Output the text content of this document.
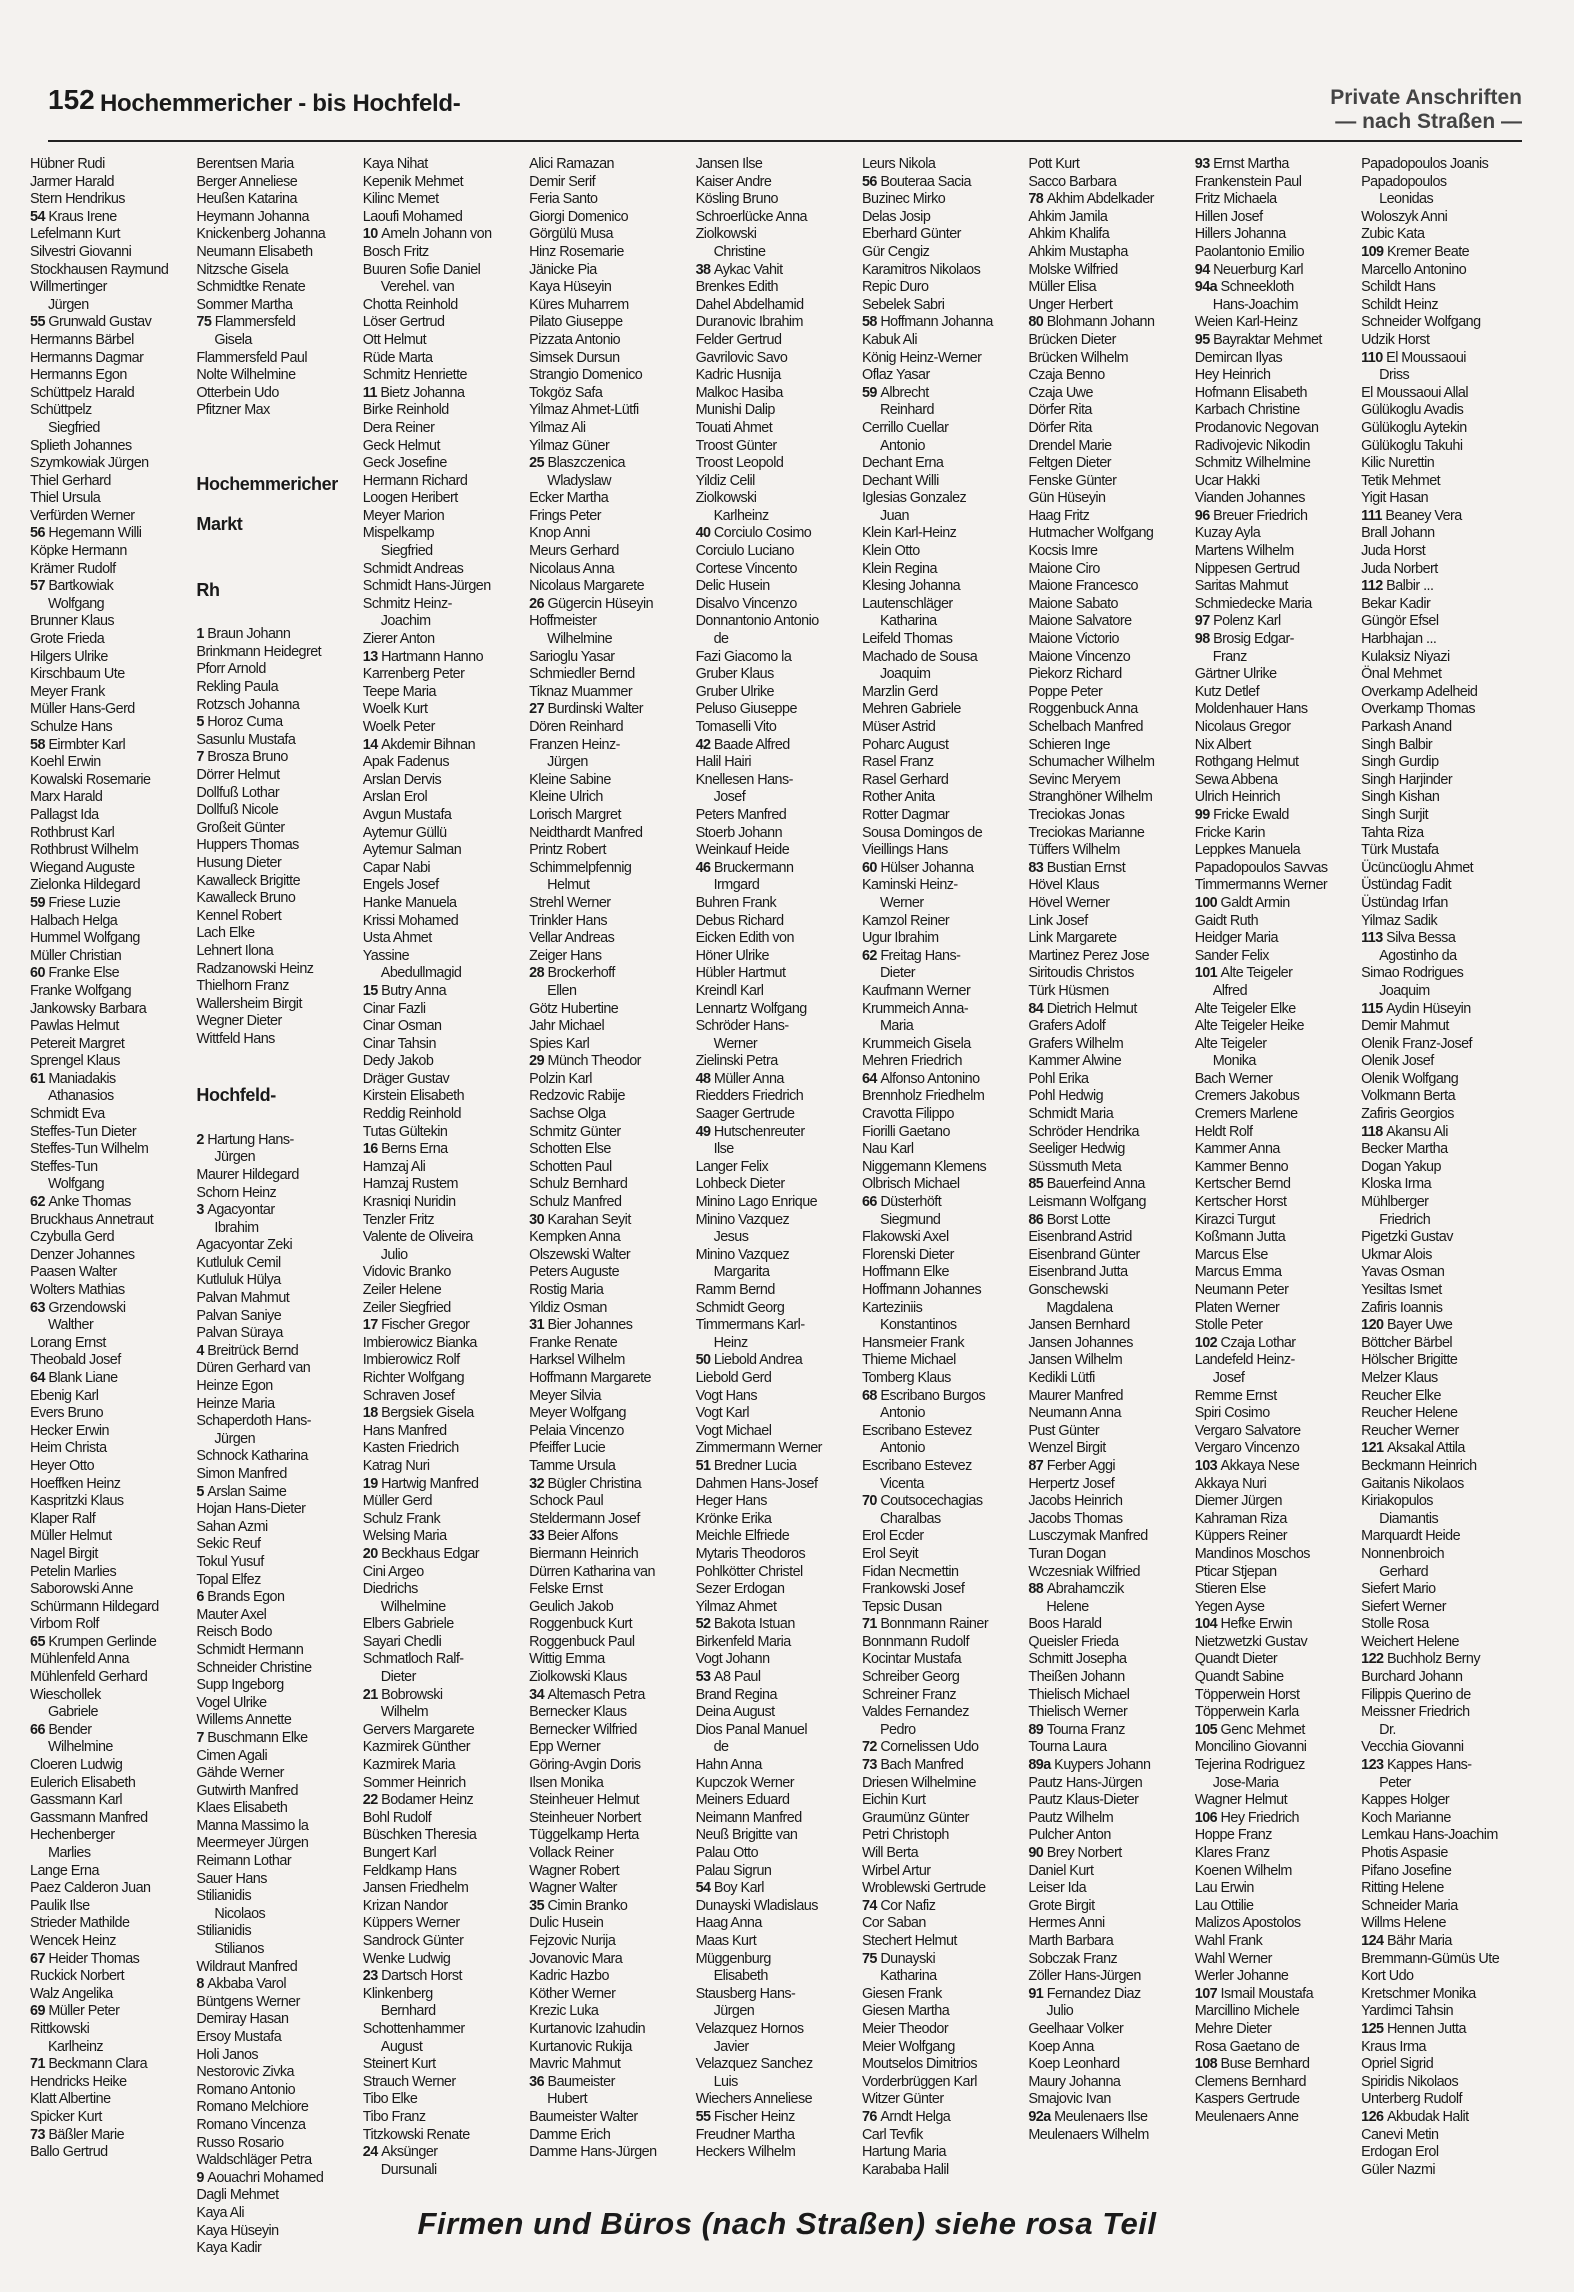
152 Hochemmericher - bis Hochfeld-	Private Anschriften
— nach Straßen —
Hübner Rudi
Jarmer Harald
Stern Hendrikus
54 Kraus Irene
Lefelmann Kurt
Silvestri Giovanni
Stockhausen Raymund
Willmertinger
Jürgen
55 Grunwald Gustav
Hermanns Bärbel
Hermanns Dagmar
Hermanns Egon
Schüttpelz Harald
Schüttpelz
Siegfried
Splieth Johannes
Szymkowiak Jürgen
Thiel Gerhard
Thiel Ursula
Verfürden Werner
56 Hegemann Willi
Köpke Hermann
Krämer Rudolf
57 Bartkowiak
Wolfgang
Brunner Klaus
Grote Frieda
Hilgers Ulrike
Kirschbaum Ute
Meyer Frank
Müller Hans-Gerd
Schulze Hans
58 Eirmbter Karl
Koehl Erwin
Kowalski Rosemarie
Marx Harald
Pallagst Ida
Rothbrust Karl
Rothbrust Wilhelm
Wiegand Auguste
Zielonka Hildegard
59 Friese Luzie
Halbach Helga
Hummel Wolfgang
Müller Christian
60 Franke Else
Franke Wolfgang
Jankowsky Barbara
Pawlas Helmut
Petereit Margret
Sprengel Klaus
61 Maniadakis
Athanasios
Schmidt Eva
Steffes-Tun Dieter
Steffes-Tun Wilhelm
Steffes-Tun
Wolfgang
62 Anke Thomas
Bruckhaus Annetraut
Czybulla Gerd
Denzer Johannes
Paasen Walter
Wolters Mathias
63 Grzendowski
Walther
Lorang Ernst
Theobald Josef
64 Blank Liane
Ebenig Karl
Evers Bruno
Hecker Erwin
Heim Christa
Heyer Otto
Hoeffken Heinz
Kaspritzki Klaus
Klaper Ralf
Müller Helmut
Nagel Birgit
Petelin Marlies
Saborowski Anne
Schürmann Hildegard
Virbom Rolf
65 Krumpen Gerlinde
Mühlenfeld Anna
Mühlenfeld Gerhard
Wieschollek
Gabriele
66 Bender
Wilhelmine
Cloeren Ludwig
Eulerich Elisabeth
Gassmann Karl
Gassmann Manfred
Hechenberger
Marlies
Lange Erna
Paez Calderon Juan
Paulik Ilse
Strieder Mathilde
Wencek Heinz
67 Heider Thomas
Ruckick Norbert
Walz Angelika
69 Müller Peter
Rittkowski
Karlheinz
71 Beckmann Clara
Hendricks Heike
Klatt Albertine
Spicker Kurt
73 Bäßler Marie
Ballo Gertrud
Berentsen Maria
Berger Anneliese
Heußen Katarina
Heymann Johanna
Knickenberg Johanna
Neumann Elisabeth
Nitzsche Gisela
Schmidtke Renate
Sommer Martha
75 Flammersfeld
Gisela
Flammersfeld Paul
Nolte Wilhelmine
Otterbein Udo
Pfitzner Max

Hochemmericher
Markt

Rh

1 Braun Johann
Brinkmann Heidegret
Pforr Arnold
Rekling Paula
Rotzsch Johanna
5 Horoz Cuma
Sasunlu Mustafa
7 Brosza Bruno
Dörrer Helmut
Dollfuß Lothar
Dollfuß Nicole
Großeit Günter
Huppers Thomas
Husung Dieter
Kawalleck Brigitte
Kawalleck Bruno
Kennel Robert
Lach Elke
Lehnert Ilona
Radzanowski Heinz
Thielhorn Franz
Wallersheim Birgit
Wegner Dieter
Wittfeld Hans

Hochfeld-

2 Hartung Hans-
Jürgen
Maurer Hildegard
Schorn Heinz
3 Agacyontar
Ibrahim
Agacyontar Zeki
Kutluluk Cemil
Kutluluk Hülya
Palvan Mahmut
Palvan Saniye
Palvan Süraya
4 Breitrück Bernd
Düren Gerhard van
Heinze Egon
Heinze Maria
Schaperdoth Hans-
Jürgen
Schnock Katharina
Simon Manfred
5 Arslan Saime
Hojan Hans-Dieter
Sahan Azmi
Sekic Reuf
Tokul Yusuf
Topal Elfez
6 Brands Egon
Mauter Axel
Reisch Bodo
Schmidt Hermann
Schneider Christine
Supp Ingeborg
Vogel Ulrike
Willems Annette
7 Buschmann Elke
Cimen Agali
Gähde Werner
Gutwirth Manfred
Klaes Elisabeth
Manna Massimo la
Meermeyer Jürgen
Reimann Lothar
Sauer Hans
Stilianidis
Nicolaos
Stilianidis
Stilianos
Wildraut Manfred
8 Akbaba Varol
Büntgens Werner
Demiray Hasan
Ersoy Mustafa
Holi Janos
Nestorovic Zivka
Romano Antonio
Romano Melchiore
Romano Vincenza
Russo Rosario
Waldschläger Petra
9 Aouachri Mohamed
Dagli Mehmet
Kaya Ali
Kaya Hüseyin
Kaya Kadir
Kaya Nihat
Kepenik Mehmet
Kilinc Memet
Laoufi Mohamed
10 Ameln Johann von
Bosch Fritz
Buuren Sofie Daniel
Verehel. van
Chotta Reinhold
Löser Gertrud
Ott Helmut
Rüde Marta
Schmitz Henriette
11 Bietz Johanna
Birke Reinhold
Dera Reiner
Geck Helmut
Geck Josefine
Hermann Richard
Loogen Heribert
Meyer Marion
Mispelkamp
Siegfried
Schmidt Andreas
Schmidt Hans-Jürgen
Schmitz Heinz-
Joachim
Zierer Anton
13 Hartmann Hanno
Karrenberg Peter
Teepe Maria
Woelk Kurt
Woelk Peter
14 Akdemir Bihnan
Apak Fadenus
Arslan Dervis
Arslan Erol
Avgun Mustafa
Aytemur Güllü
Aytemur Salman
Capar Nabi
Engels Josef
Hanke Manuela
Krissi Mohamed
Usta Ahmet
Yassine
Abedullmagid
15 Butry Anna
Cinar Fazli
Cinar Osman
Cinar Tahsin
Dedy Jakob
Dräger Gustav
Kirstein Elisabeth
Reddig Reinhold
Tutas Gültekin
16 Berns Erna
Hamzaj Ali
Hamzaj Rustem
Krasniqi Nuridin
Tenzler Fritz
Valente de Oliveira
Julio
Vidovic Branko
Zeiler Helene
Zeiler Siegfried
17 Fischer Gregor
Imbierowicz Bianka
Imbierowicz Rolf
Richter Wolfgang
Schraven Josef
18 Bergsiek Gisela
Hans Manfred
Kasten Friedrich
Katrag Nuri
19 Hartwig Manfred
Müller Gerd
Schulz Frank
Welsing Maria
20 Beckhaus Edgar
Cini Argeo
Diedrichs
Wilhelmine
Elbers Gabriele
Sayari Chedli
Schmatloch Ralf-
Dieter
21 Bobrowski
Wilhelm
Gervers Margarete
Kazmirek Günther
Kazmirek Maria
Sommer Heinrich
22 Bodamer Heinz
Bohl Rudolf
Büschken Theresia
Bungert Karl
Feldkamp Hans
Jansen Friedhelm
Krizan Nandor
Küppers Werner
Sandrock Günter
Wenke Ludwig
23 Dartsch Horst
Klinkenberg
Bernhard
Schottenhammer
August
Steinert Kurt
Strauch Werner
Tibo Elke
Tibo Franz
Titzkowski Renate
24 Aksünger
Dursunali
Alici Ramazan
Demir Serif
Feria Santo
Giorgi Domenico
Görgülü Musa
Hinz Rosemarie
Jänicke Pia
Kaya Hüseyin
Küres Muharrem
Pilato Giuseppe
Pizzata Antonio
Simsek Dursun
Strangio Domenico
Tokgöz Safa
Yilmaz Ahmet-Lütfi
Yilmaz Ali
Yilmaz Güner
25 Blaszczenica
Wladyslaw
Ecker Martha
Frings Peter
Knop Anni
Meurs Gerhard
Nicolaus Anna
Nicolaus Margarete
26 Gügercin Hüseyin
Hoffmeister
Wilhelmine
Sarioglu Yasar
Schmiedler Bernd
Tiknaz Muammer
27 Burdinski Walter
Dören Reinhard
Franzen Heinz-
Jürgen
Kleine Sabine
Kleine Ulrich
Lorisch Margret
Neidthardt Manfred
Printz Robert
Schimmelpfennig
Helmut
Strehl Werner
Trinkler Hans
Vellar Andreas
Zeiger Hans
28 Brockerhoff
Ellen
Götz Hubertine
Jahr Michael
Spies Karl
29 Münch Theodor
Polzin Karl
Redzovic Rabije
Sachse Olga
Schmitz Günter
Schotten Else
Schotten Paul
Schulz Bernhard
Schulz Manfred
30 Karahan Seyit
Kempken Anna
Olszewski Walter
Peters Auguste
Rostig Maria
Yildiz Osman
31 Bier Johannes
Franke Renate
Harksel Wilhelm
Hoffmann Margarete
Meyer Silvia
Meyer Wolfgang
Pelaia Vincenzo
Pfeiffer Lucie
Tamme Ursula
32 Bügler Christina
Schock Paul
Steldermann Josef
33 Beier Alfons
Biermann Heinrich
Dürren Katharina van
Felske Ernst
Geulich Jakob
Roggenbuck Kurt
Roggenbuck Paul
Wittig Emma
Ziolkowski Klaus
34 Altemasch Petra
Bernecker Klaus
Bernecker Wilfried
Epp Werner
Göring-Avgin Doris
Ilsen Monika
Steinheuer Helmut
Steinheuer Norbert
Tüggelkamp Herta
Vollack Reiner
Wagner Robert
Wagner Walter
35 Cimin Branko
Dulic Husein
Fejzovic Nurija
Jovanovic Mara
Kadric Hazbo
Köther Werner
Krezic Luka
Kurtanovic Izahudin
Kurtanovic Rukija
Mavric Mahmut
36 Baumeister
Hubert
Baumeister Walter
Damme Erich
Damme Hans-Jürgen
Jansen Ilse
Kaiser Andre
Kösling Bruno
Schroerlücke Anna
Ziolkowski
Christine
38 Aykac Vahit
Brenkes Edith
Dahel Abdelhamid
Duranovic Ibrahim
Felder Gertrud
Gavrilovic Savo
Kadric Husnija
Malkoc Hasiba
Munishi Dalip
Touati Ahmet
Troost Günter
Troost Leopold
Yildiz Celil
Ziolkowski
Karlheinz
40 Corciulo Cosimo
Corciulo Luciano
Cortese Vincento
Delic Husein
Disalvo Vincenzo
Donnantonio Antonio
de
Fazi Giacomo la
Gruber Klaus
Gruber Ulrike
Peluso Giuseppe
Tomaselli Vito
42 Baade Alfred
Halil Hairi
Knellesen Hans-
Josef
Peters Manfred
Stoerb Johann
Weinkauf Heide
46 Bruckermann
Irmgard
Buhren Frank
Debus Richard
Eicken Edith von
Höner Ulrike
Hübler Hartmut
Kreindl Karl
Lennartz Wolfgang
Schröder Hans-
Werner
Zielinski Petra
48 Müller Anna
Riedders Friedrich
Saager Gertrude
49 Hutschenreuter
Ilse
Langer Felix
Lohbeck Dieter
Minino Lago Enrique
Minino Vazquez
Jesus
Minino Vazquez
Margarita
Ramm Bernd
Schmidt Georg
Timmermans Karl-
Heinz
50 Liebold Andrea
Liebold Gerd
Vogt Hans
Vogt Karl
Vogt Michael
Zimmermann Werner
51 Bredner Lucia
Dahmen Hans-Josef
Heger Hans
Krönke Erika
Meichle Elfriede
Mytaris Theodoros
Pohlkötter Christel
Sezer Erdogan
Yilmaz Ahmet
52 Bakota Istuan
Birkenfeld Maria
Vogt Johann
53 A8 Paul
Brand Regina
Deina August
Dios Panal Manuel
de
Hahn Anna
Kupczok Werner
Meiners Eduard
Neimann Manfred
Neuß Brigitte van
Palau Otto
Palau Sigrun
54 Boy Karl
Dunayski Wladislaus
Haag Anna
Maas Kurt
Müggenburg
Elisabeth
Stausberg Hans-
Jürgen
Velazquez Hornos
Javier
Velazquez Sanchez
Luis
Wiechers Anneliese
55 Fischer Heinz
Freudner Martha
Heckers Wilhelm
Leurs Nikola
56 Bouteraa Sacia
Buzinec Mirko
Delas Josip
Eberhard Günter
Gür Cengiz
Karamitros Nikolaos
Repic Duro
Sebelek Sabri
58 Hoffmann Johanna
Kabuk Ali
König Heinz-Werner
Oflaz Yasar
59 Albrecht
Reinhard
Cerrillo Cuellar
Antonio
Dechant Erna
Dechant Willi
Iglesias Gonzalez
Juan
Klein Karl-Heinz
Klein Otto
Klein Regina
Klesing Johanna
Lautenschläger
Katharina
Leifeld Thomas
Machado de Sousa
Joaquim
Marzlin Gerd
Mehren Gabriele
Müser Astrid
Poharc August
Rasel Franz
Rasel Gerhard
Rother Anita
Rotter Dagmar
Sousa Domingos de
Vieillings Hans
60 Hülser Johanna
Kaminski Heinz-
Werner
Kamzol Reiner
Ugur Ibrahim
62 Freitag Hans-
Dieter
Kaufmann Werner
Krummeich Anna-
Maria
Krummeich Gisela
Mehren Friedrich
64 Alfonso Antonino
Brennholz Friedhelm
Cravotta Filippo
Fiorilli Gaetano
Nau Karl
Niggemann Klemens
Olbrisch Michael
66 Düsterhöft
Siegmund
Flakowski Axel
Florenski Dieter
Hoffmann Elke
Hoffmann Johannes
Karteziniis
Konstantinos
Hansmeier Frank
Thieme Michael
Tomberg Klaus
68 Escribano Burgos
Antonio
Escribano Estevez
Antonio
Escribano Estevez
Vicenta
70 Coutsocechagias
Charalbas
Erol Ecder
Erol Seyit
Fidan Necmettin
Frankowski Josef
Tepsic Dusan
71 Bonnmann Rainer
Bonnmann Rudolf
Kocintar Mustafa
Schreiber Georg
Schreiner Franz
Valdes Fernandez
Pedro
72 Cornelissen Udo
73 Bach Manfred
Driesen Wilhelmine
Eichin Kurt
Graumünz Günter
Petri Christoph
Will Berta
Wirbel Artur
Wroblewski Gertrude
74 Cor Nafiz
Cor Saban
Stechert Helmut
75 Dunayski
Katharina
Giesen Frank
Giesen Martha
Meier Theodor
Meier Wolfgang
Moutselos Dimitrios
Vorderbrüggen Karl
Witzer Günter
76 Arndt Helga
Carl Tevfik
Hartung Maria
Karababa Halil
Pott Kurt
Sacco Barbara
78 Akhim Abdelkader
Ahkim Jamila
Ahkim Khalifa
Ahkim Mustapha
Molske Wilfried
Müller Elisa
Unger Herbert
80 Blohmann Johann
Brücken Dieter
Brücken Wilhelm
Czaja Benno
Czaja Uwe
Dörfer Rita
Dörfer Rita
Drendel Marie
Feltgen Dieter
Fenske Günter
Gün Hüseyin
Haag Fritz
Hutmacher Wolfgang
Kocsis Imre
Maione Ciro
Maione Francesco
Maione Sabato
Maione Salvatore
Maione Victorio
Maione Vincenzo
Piekorz Richard
Poppe Peter
Roggenbuck Anna
Schelbach Manfred
Schieren Inge
Schumacher Wilhelm
Sevinc Meryem
Stranghöner Wilhelm
Treciokas Jonas
Treciokas Marianne
Tüffers Wilhelm
83 Bustian Ernst
Hövel Klaus
Hövel Werner
Link Josef
Link Margarete
Martinez Perez Jose
Siritoudis Christos
Türk Hüsmen
84 Dietrich Helmut
Grafers Adolf
Grafers Wilhelm
Kammer Alwine
Pohl Erika
Pohl Hedwig
Schmidt Maria
Schröder Hendrika
Seeliger Hedwig
Süssmuth Meta
85 Bauerfeind Anna
Leismann Wolfgang
86 Borst Lotte
Eisenbrand Astrid
Eisenbrand Günter
Eisenbrand Jutta
Gonschewski
Magdalena
Jansen Bernhard
Jansen Johannes
Jansen Wilhelm
Kedikli Lütfi
Maurer Manfred
Neumann Anna
Pust Günter
Wenzel Birgit
87 Ferber Aggi
Herpertz Josef
Jacobs Heinrich
Jacobs Thomas
Lusczymak Manfred
Turan Dogan
Wczesniak Wilfried
88 Abrahamczik
Helene
Boos Harald
Queisler Frieda
Schmitt Josepha
Theißen Johann
Thielisch Michael
Thielisch Werner
89 Tourna Franz
Tourna Laura
89a Kuypers Johann
Pautz Hans-Jürgen
Pautz Klaus-Dieter
Pautz Wilhelm
Pulcher Anton
90 Brey Norbert
Daniel Kurt
Leiser Ida
Grote Birgit
Hermes Anni
Marth Barbara
Sobczak Franz
Zöller Hans-Jürgen
91 Fernandez Diaz
Julio
Geelhaar Volker
Koep Anna
Koep Leonhard
Maury Johanna
Smajovic Ivan
92a Meulenaers Ilse
Meulenaers Wilhelm
93 Ernst Martha
Frankenstein Paul
Fritz Michaela
Hillen Josef
Hillers Johanna
Paolantonio Emilio
94 Neuerburg Karl
94a Schneekloth
Hans-Joachim
Weien Karl-Heinz
95 Bayraktar Mehmet
Demircan Ilyas
Hey Heinrich
Hofmann Elisabeth
Karbach Christine
Prodanovic Negovan
Radivojevic Nikodin
Schmitz Wilhelmine
Ucar Hakki
Vianden Johannes
96 Breuer Friedrich
Kuzay Ayla
Martens Wilhelm
Nippesen Gertrud
Saritas Mahmut
Schmiedecke Maria
97 Polenz Karl
98 Brosig Edgar-
Franz
Gärtner Ulrike
Kutz Detlef
Moldenhauer Hans
Nicolaus Gregor
Nix Albert
Rothgang Helmut
Sewa Abbena
Ulrich Heinrich
99 Fricke Ewald
Fricke Karin
Leppkes Manuela
Papadopoulos Savvas
Timmermanns Werner
100 Galdt Armin
Gaidt Ruth
Heidger Maria
Sander Felix
101 Alte Teigeler
Alfred
Alte Teigeler Elke
Alte Teigeler Heike
Alte Teigeler
Monika
Bach Werner
Cremers Jakobus
Cremers Marlene
Heldt Rolf
Kammer Anna
Kammer Benno
Kertscher Bernd
Kertscher Horst
Kirazci Turgut
Koßmann Jutta
Marcus Else
Marcus Emma
Neumann Peter
Platen Werner
Stolle Peter
102 Czaja Lothar
Landefeld Heinz-
Josef
Remme Ernst
Spiri Cosimo
Vergaro Salvatore
Vergaro Vincenzo
103 Akkaya Nese
Akkaya Nuri
Diemer Jürgen
Kahraman Riza
Küppers Reiner
Mandinos Moschos
Pticar Stjepan
Stieren Else
Yegen Ayse
104 Hefke Erwin
Nietzwetzki Gustav
Quandt Dieter
Quandt Sabine
Töpperwein Horst
Töpperwein Karla
105 Genc Mehmet
Moncilino Giovanni
Tejerina Rodriguez
Jose-Maria
Wagner Helmut
106 Hey Friedrich
Hoppe Franz
Klares Franz
Koenen Wilhelm
Lau Erwin
Lau Ottilie
Malizos Apostolos
Wahl Frank
Wahl Werner
Werler Johanne
107 Ismail Moustafa
Marcillino Michele
Mehre Dieter
Rosa Gaetano de
108 Buse Bernhard
Clemens Bernhard
Kaspers Gertrude
Meulenaers Anne
Papadopoulos Joanis
Papadopoulos
Leonidas
Woloszyk Anni
Zubic Kata
109 Kremer Beate
Marcello Antonino
Schildt Hans
Schildt Heinz
Schneider Wolfgang
Udzik Horst
110 El Moussaoui
Driss
El Moussaoui Allal
Gülükoglu Avadis
Gülükoglu Aytekin
Gülükoglu Takuhi
Kilic Nurettin
Tetik Mehmet
Yigit Hasan
111 Beaney Vera
Brall Johann
Juda Horst
Juda Norbert
112 Balbir ...
Bekar Kadir
Güngör Efsel
Harbhajan ...
Kulaksiz Niyazi
Önal Mehmet
Overkamp Adelheid
Overkamp Thomas
Parkash Anand
Singh Balbir
Singh Gurdip
Singh Harjinder
Singh Kishan
Singh Surjit
Tahta Riza
Türk Mustafa
Ücüncüoglu Ahmet
Üstündag Fadit
Üstündag Irfan
Yilmaz Sadik
113 Silva Bessa
Agostinho da
Simao Rodrigues
Joaquim
115 Aydin Hüseyin
Demir Mahmut
Olenik Franz-Josef
Olenik Josef
Olenik Wolfgang
Volkmann Berta
Zafiris Georgios
118 Akansu Ali
Becker Martha
Dogan Yakup
Kloska Irma
Mühlberger
Friedrich
Pigetzki Gustav
Ukmar Alois
Yavas Osman
Yesiltas Ismet
Zafiris Ioannis
120 Bayer Uwe
Böttcher Bärbel
Hölscher Brigitte
Melzer Klaus
Reucher Elke
Reucher Helene
Reucher Werner
121 Aksakal Attila
Beckmann Heinrich
Gaitanis Nikolaos
Kiriakopulos
Diamantis
Marquardt Heide
Nonnenbroich
Gerhard
Siefert Mario
Siefert Werner
Stolle Rosa
Weichert Helene
122 Buchholz Berny
Burchard Johann
Filippis Querino de
Meissner Friedrich
Dr.
Vecchia Giovanni
123 Kappes Hans-
Peter
Kappes Holger
Koch Marianne
Lemkau Hans-Joachim
Photis Aspasie
Pifano Josefine
Ritting Helene
Schneider Maria
Willms Helene
124 Bähr Maria
Bremmann-Gümüs Ute
Kort Udo
Kretschmer Monika
Yardimci Tahsin
125 Hennen Jutta
Kraus Irma
Opriel Sigrid
Spiridis Nikolaos
Unterberg Rudolf
126 Akbudak Halit
Canevi Metin
Erdogan Erol
Güler Nazmi
Firmen und Büros (nach Straßen) siehe rosa Teil
